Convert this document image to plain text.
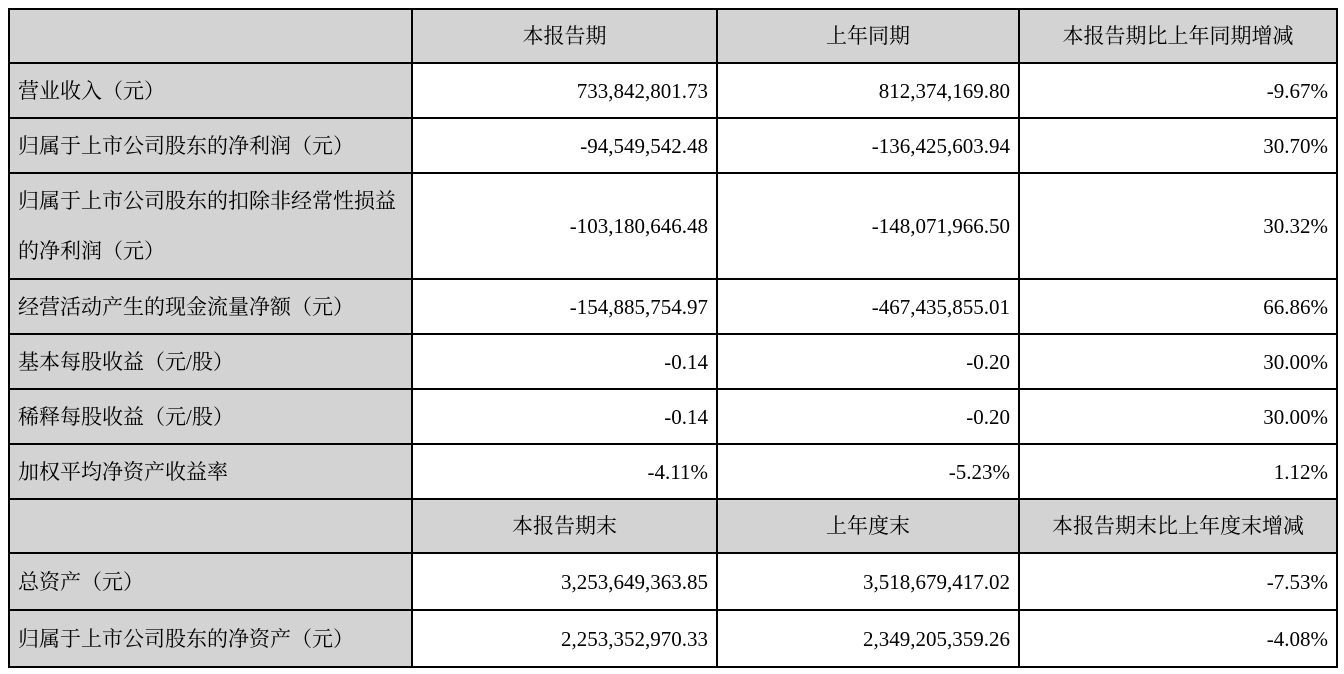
	本报告期	上年同期	本报告期比上年同期增减
营业收入（元）	733,842,801.73	812,374,169.80	-9.67%
归属于上市公司股东的净利润（元）	-94,549,542.48	-136,425,603.94	30.70%
归属于上市公司股东的扣除非经常性损益的净利润（元）	-103,180,646.48	-148,071,966.50	30.32%
经营活动产生的现金流量净额（元）	-154,885,754.97	-467,435,855.01	66.86%
基本每股收益（元/股）	-0.14	-0.20	30.00%
稀释每股收益（元/股）	-0.14	-0.20	30.00%
加权平均净资产收益率	-4.11%	-5.23%	1.12%
	本报告期末	上年度末	本报告期末比上年度末增减
总资产（元）	3,253,649,363.85	3,518,679,417.02	-7.53%
归属于上市公司股东的净资产（元）	2,253,352,970.33	2,349,205,359.26	-4.08%
